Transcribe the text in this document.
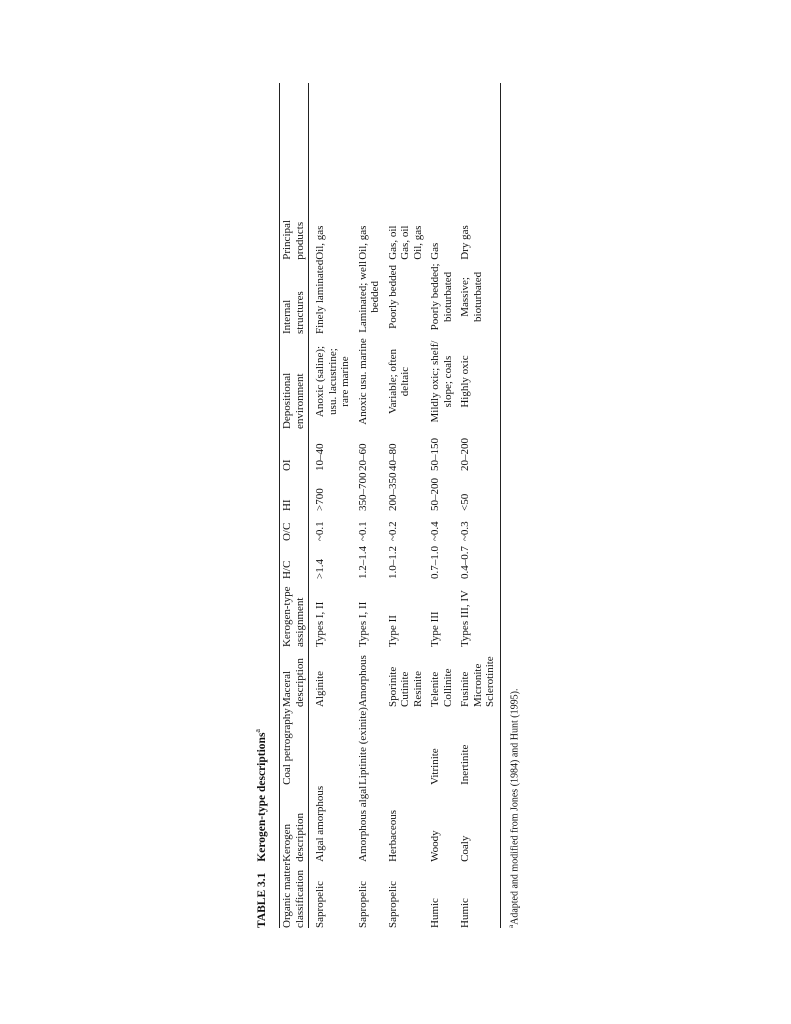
TABLE 3.1 Kerogen-type descriptions$^a$
Organic matter classification	Kerogen description	Coal petrography	Maceral description	Kerogen-type assignment	H/C	O/C	HI	OI	Depositional environment	Internal structures	Principal products

Sapropelic	Algal amorphous		Alginite	Types I, II	>1.4	~0.1	>700	10–40	Anoxic (saline); usu. lacustrine; rare marine	Finely laminated	Oil, gas

Sapropelic	Amorphous algal	Liptinite (exinite)	Amorphous	Types I, II	1.2–1.4	~0.1	350–700	20–60	Anoxic usu. marine	Laminated; well bedded	Oil, gas

Sapropelic	Herbaceous		Sporinite Cutinite Resinite	Type II	1.0–1.2	~0.2	200–350	40–80	Variable; often deltaic	Poorly bedded	Gas, oil Gas, oil Oil, gas

Humic	Woody	Vitrinite	Telenite Collinite	Type III	0.7–1.0	~0.4	50–200	50–150	Mildly oxic; shelf/ slope; coals	Poorly bedded; bioturbated	Gas

Humic	Coaly	Inertinite	Fusinite Micronite Sclerotinite	Types III, IV	0.4–0.7	~0.3	<50	20–200	Highly oxic	Massive; bioturbated	Dry gas
$^a$Adapted and modified from Jones (1984) and Hunt (1995).
